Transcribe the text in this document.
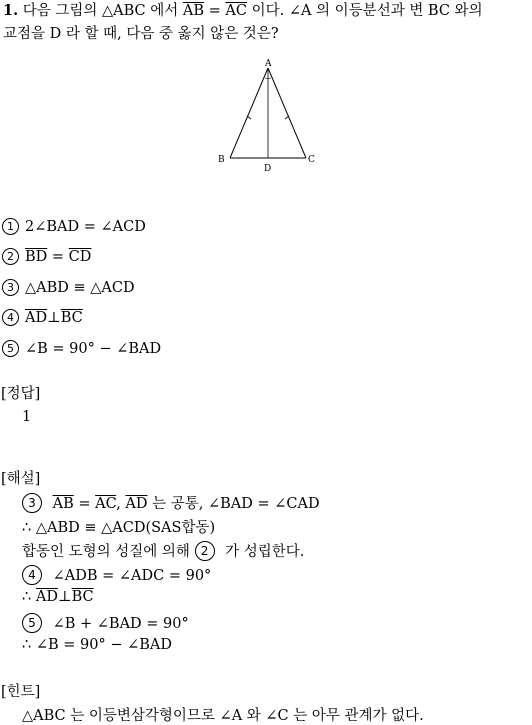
1. 다음 그림의 △ABC 에서 $\overline{AB} = \overline{AC}$ 이다. ∠A 의 이등분선과 변 BC 와의
교점을 D 라 할 때, 다음 중 옳지 않은 것은?
A
B	C
D
1 2∠BAD = ∠ACD
2 $\overline{BD} = \overline{CD}$
3 △ABD ≡ △ACD
4 $\overline{AD}\perp\overline{BC}$
5 ∠B = 90° − ∠BAD
[정답]
1
[해설]
3 $\overline{AB} = \overline{AC}$, $\overline{AD}$ 는 공통, ∠BAD = ∠CAD
∴ △ABD ≡ △ACD(SAS합동)
합동인 도형의 성질에 의해 2 가 성립한다.
4 ∠ADB = ∠ADC = 90°
∴ $\overline{AD}\perp\overline{BC}$
5 ∠B + ∠BAD = 90°
∴ ∠B = 90° − ∠BAD
[힌트]
△ABC 는 이등변삼각형이므로 ∠A 와 ∠C 는 아무 관계가 없다.
